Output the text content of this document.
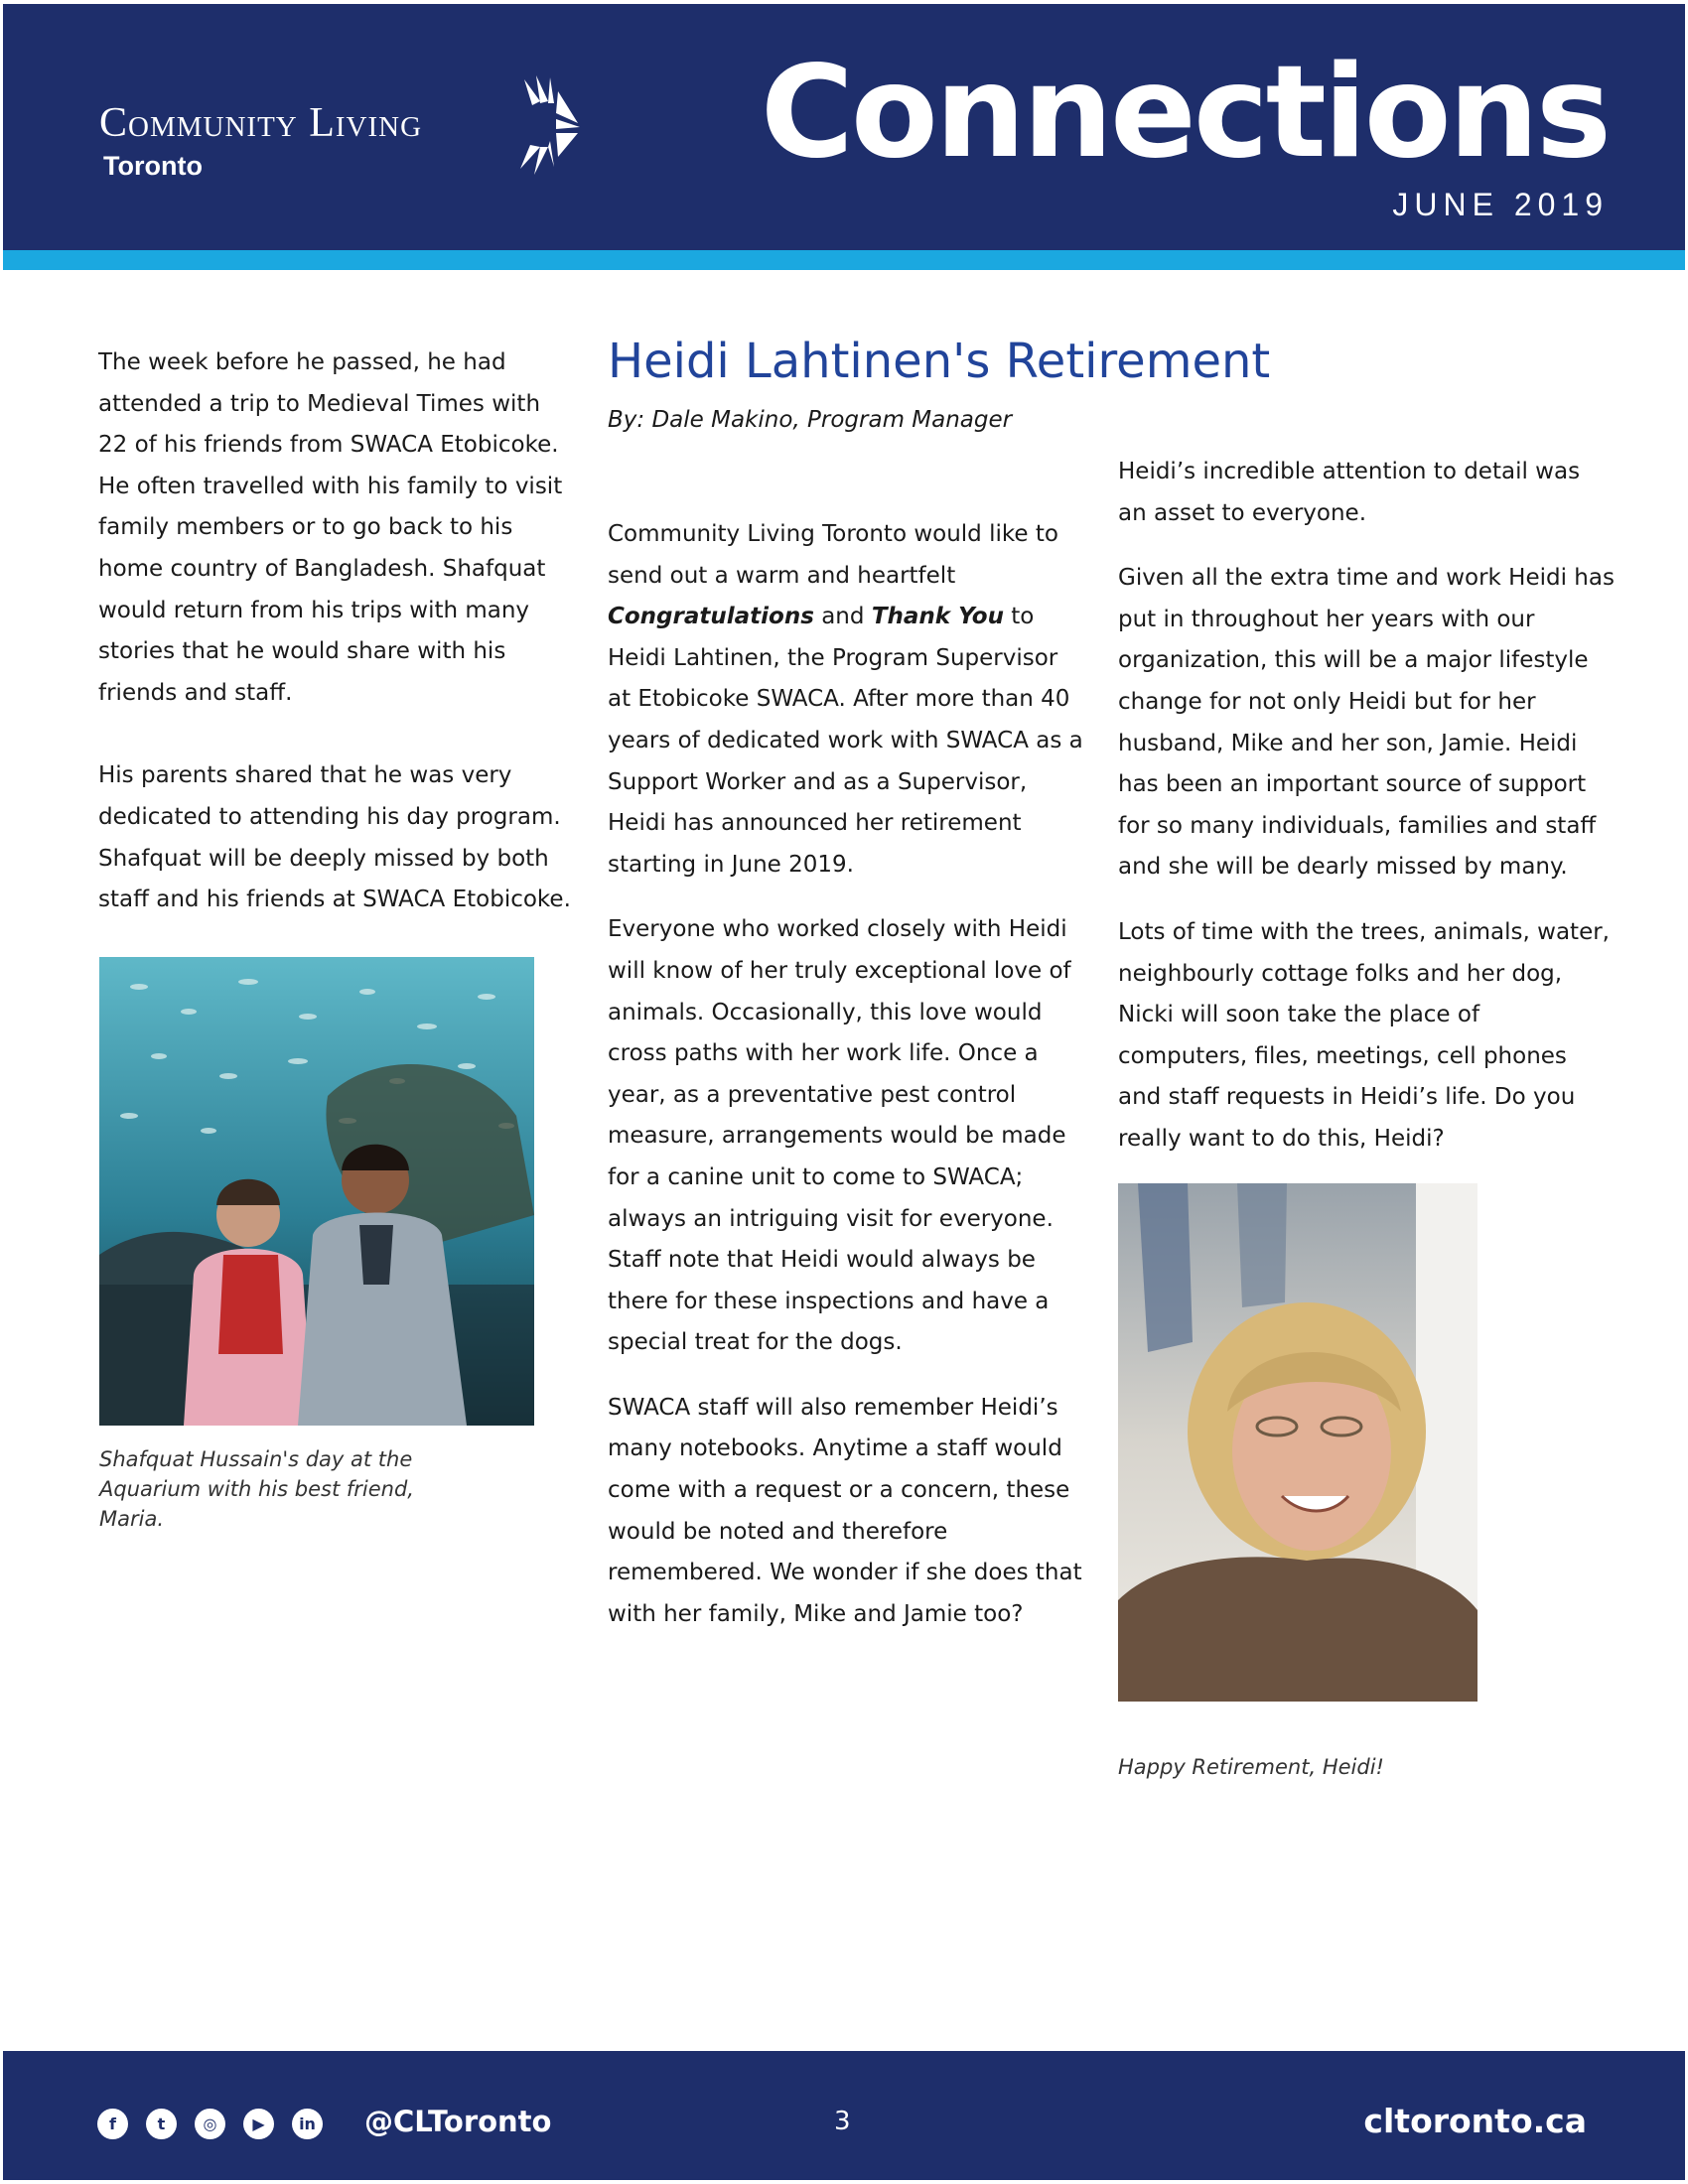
Community Living
Toronto	Connections
JUNE 2019

The week before he passed, he had attended a trip to Medieval Times with 22 of his friends from SWACA Etobicoke. He often travelled with his family to visit family members or to go back to his home country of Bangladesh. Shafquat would return from his trips with many stories that he would share with his friends and staff.

His parents shared that he was very dedicated to attending his day program. Shafquat will be deeply missed by both staff and his friends at SWACA Etobicoke.

Shafquat Hussain's day at the Aquarium with his best friend, Maria.
Heidi Lahtinen's Retirement
By: Dale Makino, Program Manager

Community Living Toronto would like to send out a warm and heartfelt Congratulations and Thank You to Heidi Lahtinen, the Program Supervisor at Etobicoke SWACA. After more than 40 years of dedicated work with SWACA as a Support Worker and as a Supervisor, Heidi has announced her retirement starting in June 2019.

Everyone who worked closely with Heidi will know of her truly exceptional love of animals. Occasionally, this love would cross paths with her work life. Once a year, as a preventative pest control measure, arrangements would be made for a canine unit to come to SWACA; always an intriguing visit for everyone. Staff note that Heidi would always be there for these inspections and have a special treat for the dogs.

SWACA staff will also remember Heidi’s many notebooks. Anytime a staff would come with a request or a concern, these would be noted and therefore remembered. We wonder if she does that with her family, Mike and Jamie too?

Heidi’s incredible attention to detail was an asset to everyone.

Given all the extra time and work Heidi has put in throughout her years with our organization, this will be a major lifestyle change for not only Heidi but for her husband, Mike and her son, Jamie. Heidi has been an important source of support for so many individuals, families and staff and she will be dearly missed by many.

Lots of time with the trees, animals, water, neighbourly cottage folks and her dog, Nicki will soon take the place of computers, files, meetings, cell phones and staff requests in Heidi’s life. Do you really want to do this, Heidi?

Happy Retirement, Heidi!
f	t	◎	▶	in @CLToronto	3	cltoronto.ca
